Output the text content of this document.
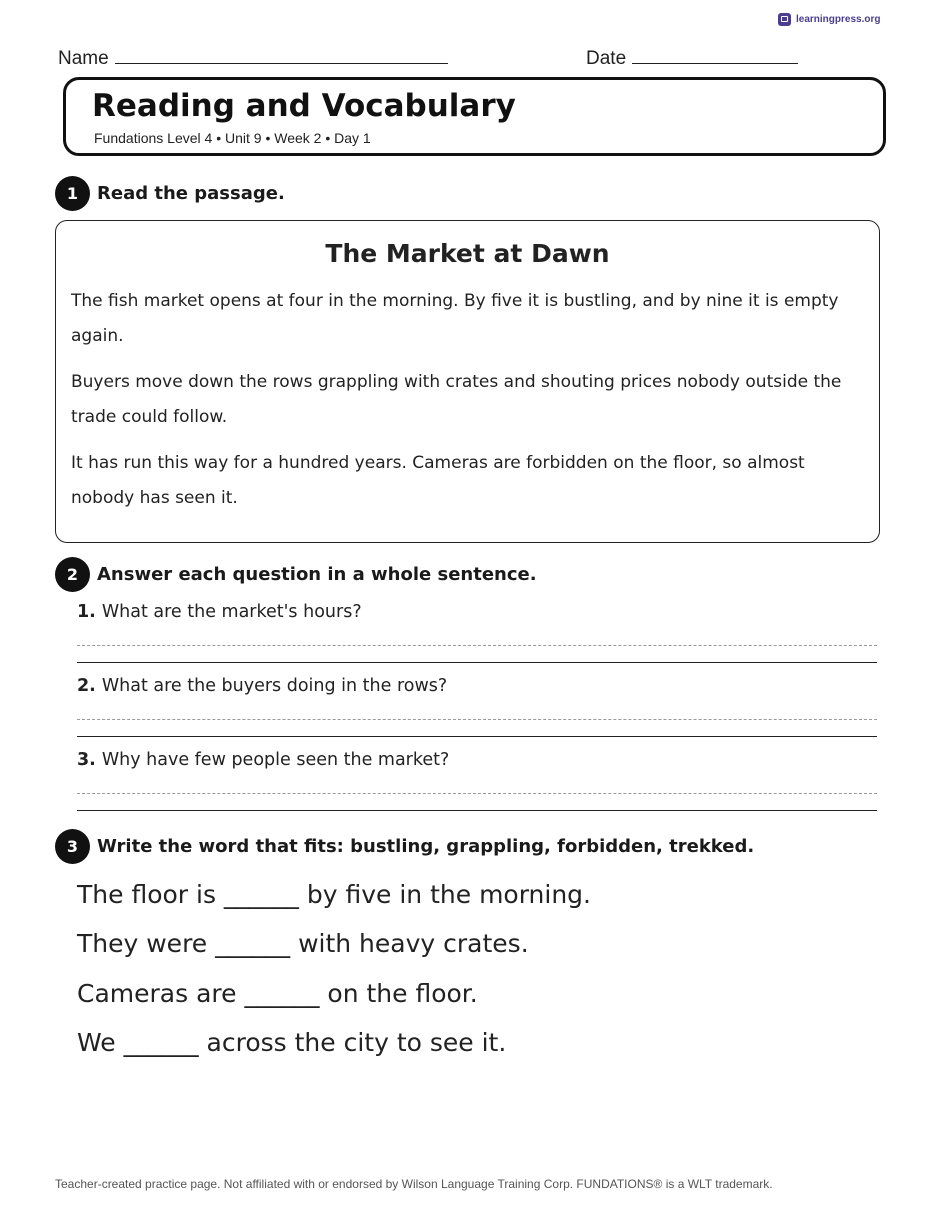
learningpress.org
Name	Date
Reading and Vocabulary
Fundations Level 4 • Unit 9 • Week 2 • Day 1
1	Read the passage.
The Market at Dawn

The fish market opens at four in the morning. By five it is bustling, and by nine it is empty again.

Buyers move down the rows grappling with crates and shouting prices nobody outside the trade could follow.

It has run this way for a hundred years. Cameras are forbidden on the floor, so almost nobody has seen it.

2	Answer each question in a whole sentence.
1. What are the market's hours?
2. What are the buyers doing in the rows?
3. Why have few people seen the market?
3	Write the word that fits: bustling, grappling, forbidden, trekked.
The floor is ______ by five in the morning.
They were ______ with heavy crates.
Cameras are ______ on the floor.
We ______ across the city to see it.
Teacher-created practice page. Not affiliated with or endorsed by Wilson Language Training Corp. FUNDATIONS® is a WLT trademark.
